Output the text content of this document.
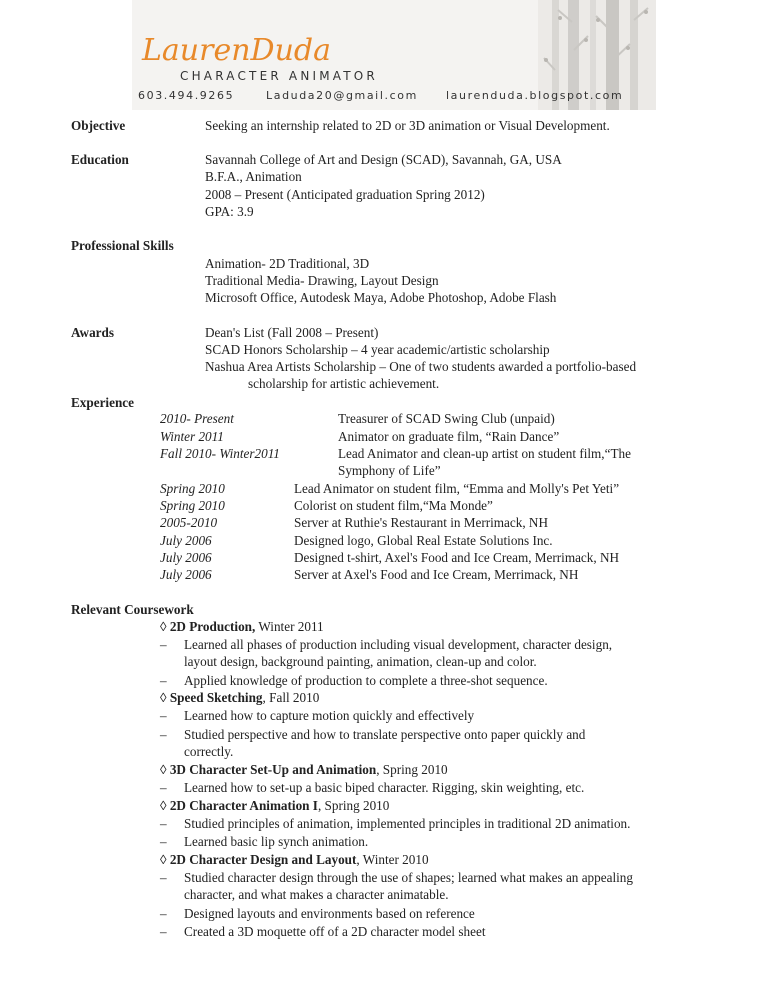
LaurenDuda
CHARACTER ANIMATOR
603.494.9265	Laduda20@gmail.com	laurenduda.blogspot.com
Objective	Seeking an internship related to 2D or 3D animation or Visual Development.
Education	Savannah College of Art and Design (SCAD), Savannah, GA, USA
B.F.A., Animation
2008 – Present (Anticipated graduation Spring 2012)
GPA: 3.9
Professional Skills
Animation- 2D Traditional, 3D
Traditional Media- Drawing, Layout Design
Microsoft Office, Autodesk Maya, Adobe Photoshop, Adobe Flash
Awards	Dean's List (Fall 2008 – Present)
SCAD Honors Scholarship – 4 year academic/artistic scholarship
Nashua Area Artists Scholarship – One of two students awarded a portfolio-based
scholarship for artistic achievement.
Experience
2010- Present	Treasurer of SCAD Swing Club (unpaid)
Winter 2011	Animator on graduate film, “Rain Dance”
Fall 2010- Winter2011	Lead Animator and clean-up artist on student film,“The
Symphony of Life”
Spring 2010	Lead Animator on student film, “Emma and Molly's Pet Yeti”
Spring 2010	Colorist on student film,“Ma Monde”
2005-2010	Server at Ruthie's Restaurant in Merrimack, NH
July 2006	Designed logo, Global Real Estate Solutions Inc.
July 2006	Designed t-shirt, Axel's Food and Ice Cream, Merrimack, NH
July 2006	Server at Axel's Food and Ice Cream, Merrimack, NH
Relevant Coursework
◊ 2D Production, Winter 2011
– Learned all phases of production including visual development, character design,
layout design, background painting, animation, clean-up and color.
– Applied knowledge of production to complete a three-shot sequence.
◊ Speed Sketching, Fall 2010
– Learned how to capture motion quickly and effectively
– Studied perspective and how to translate perspective onto paper quickly and
correctly.
◊ 3D Character Set-Up and Animation, Spring 2010
– Learned how to set-up a basic biped character. Rigging, skin weighting, etc.
◊ 2D Character Animation I, Spring 2010
– Studied principles of animation, implemented principles in traditional 2D animation.
– Learned basic lip synch animation.
◊ 2D Character Design and Layout, Winter 2010
– Studied character design through the use of shapes; learned what makes an appealing
character, and what makes a character animatable.
– Designed layouts and environments based on reference
– Created a 3D moquette off of a 2D character model sheet
